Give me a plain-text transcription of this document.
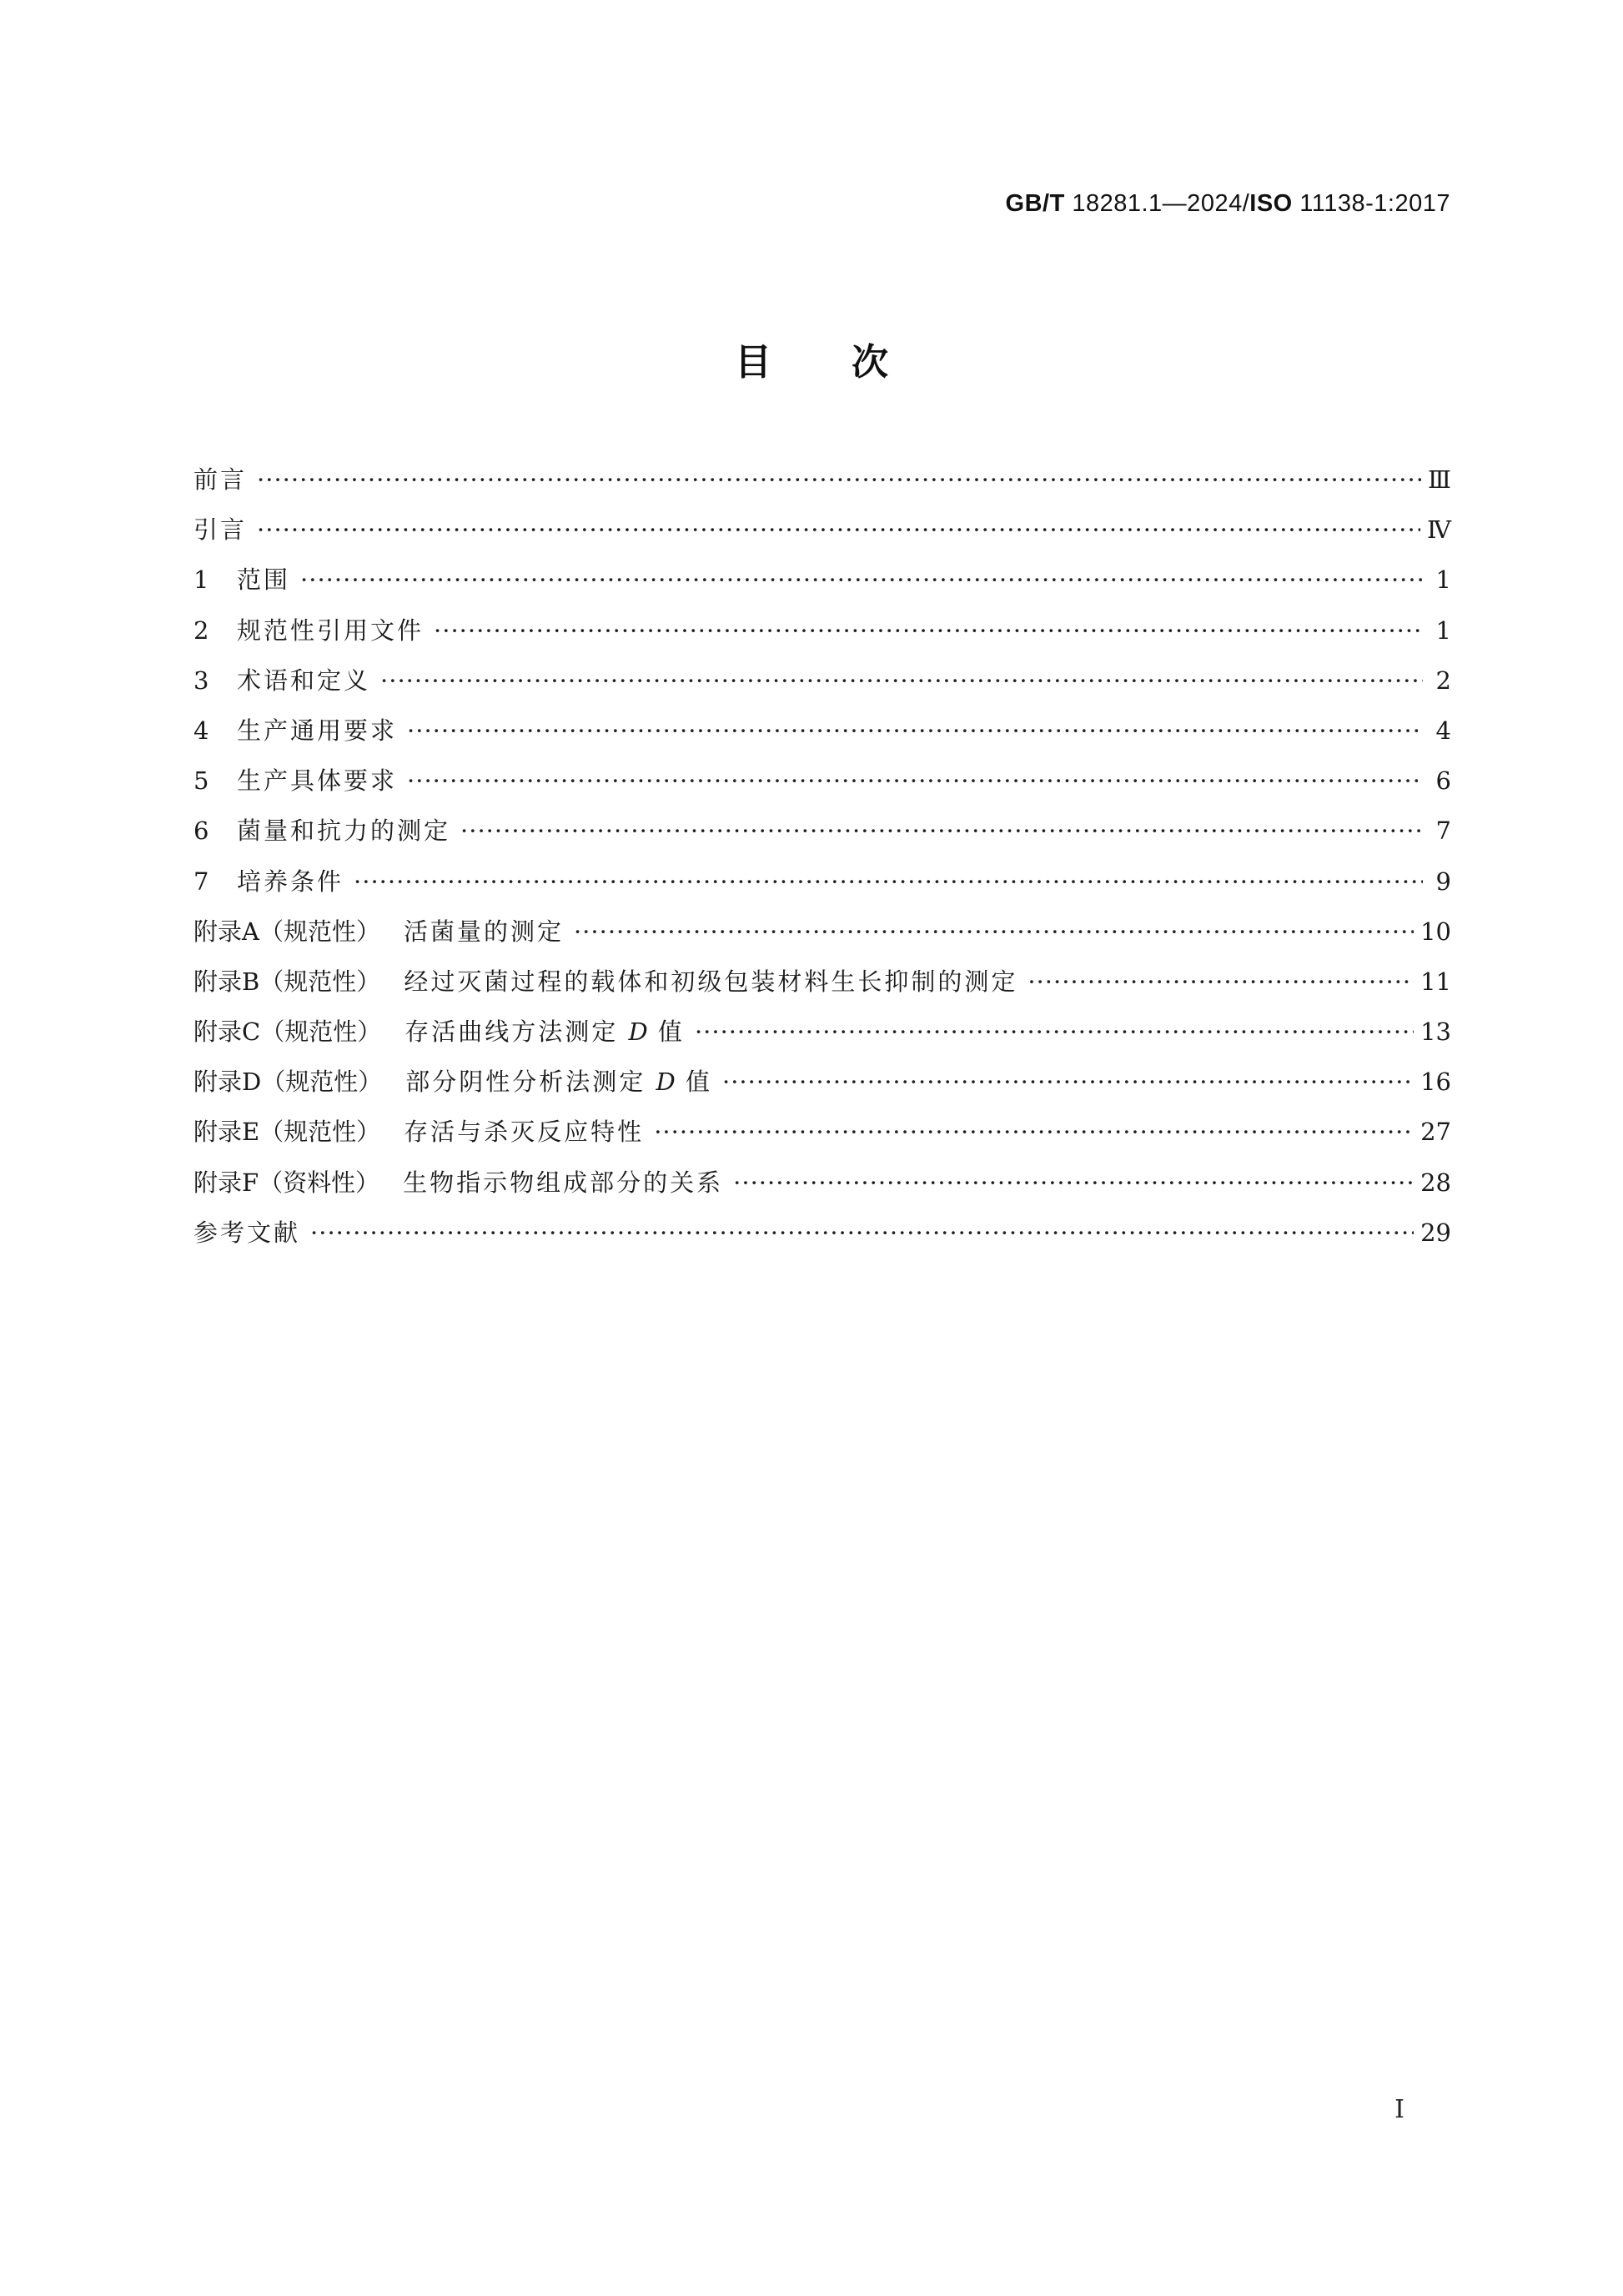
GB/T 18281.1—2024/ISO 11138-1:2017
目次
前言 ·····	Ⅲ
引言 ·····	Ⅳ
1	范围 ·····	1
2	规范性引用文件 ·····	1
3	术语和定义 ·····	2
4	生产通用要求 ·····	4
5	生产具体要求 ·····	6
6	菌量和抗力的测定 ·····	7
7	培养条件 ·····	9
附录A（规范性） 活菌量的测定 ·····	10
附录B（规范性） 经过灭菌过程的载体和初级包装材料生长抑制的测定 ·····	11
附录C（规范性） 存活曲线方法测定 D 值 ·····	13
附录D（规范性） 部分阴性分析法测定 D 值 ·····	16
附录E（规范性） 存活与杀灭反应特性 ·····	27
附录F（资料性） 生物指示物组成部分的关系 ·····	28
参考文献 ·····	29
Ⅰ
